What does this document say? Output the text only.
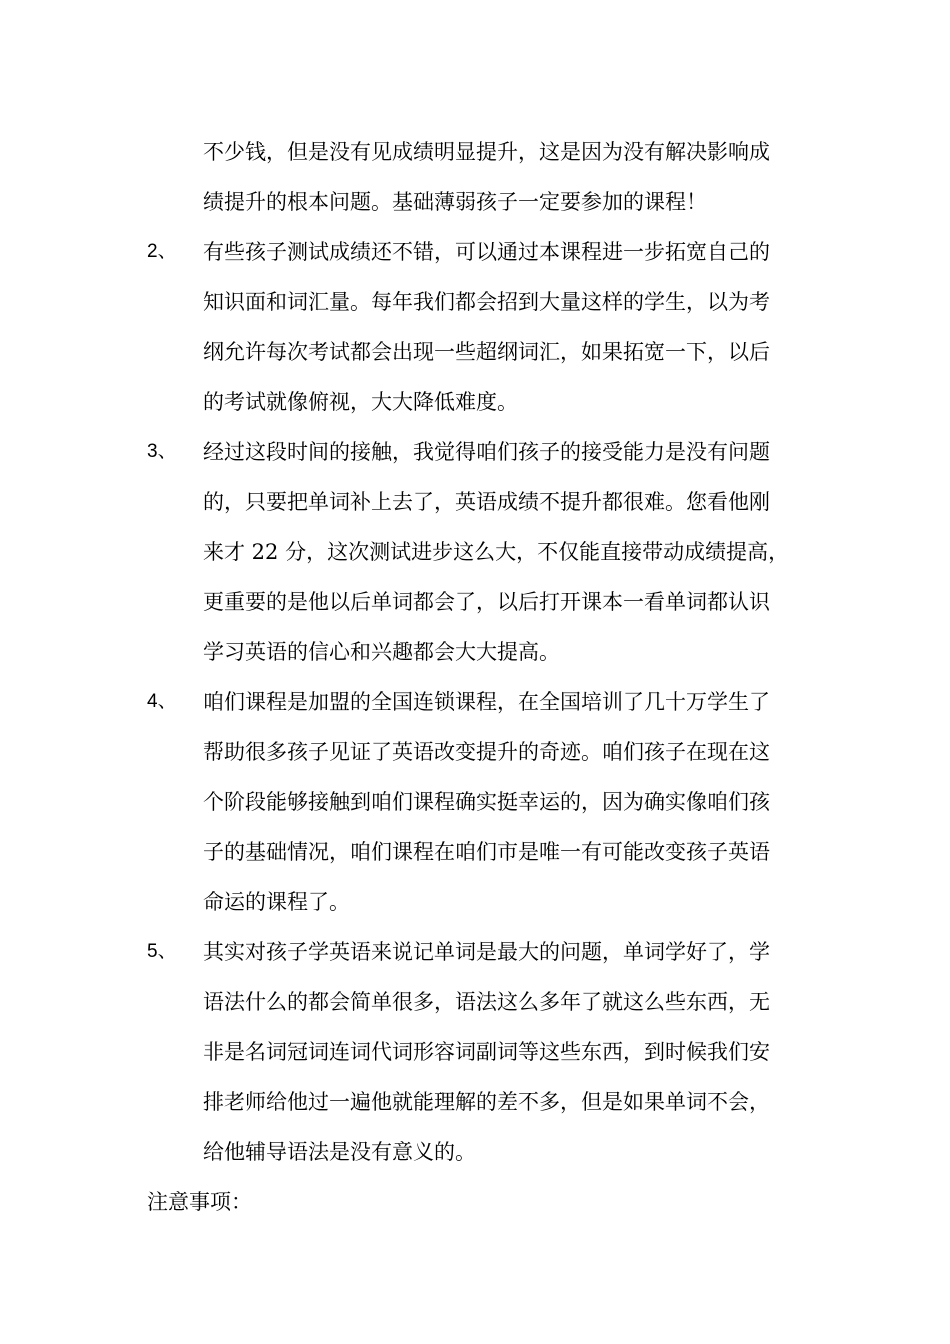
不少钱，但是没有见成绩明显提升，这是因为没有解决影响成
绩提升的根本问题。基础薄弱孩子一定要参加的课程！
2、 有些孩子测试成绩还不错，可以通过本课程进一步拓宽自己的
知识面和词汇量。每年我们都会招到大量这样的学生，以为考
纲允许每次考试都会出现一些超纲词汇，如果拓宽一下，以后
的考试就像俯视，大大降低难度。
3、 经过这段时间的接触，我觉得咱们孩子的接受能力是没有问题
的，只要把单词补上去了，英语成绩不提升都很难。您看他刚
来才 22 分，这次测试进步这么大，不仅能直接带动成绩提高，
更重要的是他以后单词都会了，以后打开课本一看单词都认识
学习英语的信心和兴趣都会大大提高。
4、 咱们课程是加盟的全国连锁课程，在全国培训了几十万学生了
帮助很多孩子见证了英语改变提升的奇迹。咱们孩子在现在这
个阶段能够接触到咱们课程确实挺幸运的，因为确实像咱们孩
子的基础情况，咱们课程在咱们市是唯一有可能改变孩子英语
命运的课程了。
5、 其实对孩子学英语来说记单词是最大的问题，单词学好了，学
语法什么的都会简单很多，语法这么多年了就这么些东西，无
非是名词冠词连词代词形容词副词等这些东西，到时候我们安
排老师给他过一遍他就能理解的差不多，但是如果单词不会，
给他辅导语法是没有意义的。
注意事项：
